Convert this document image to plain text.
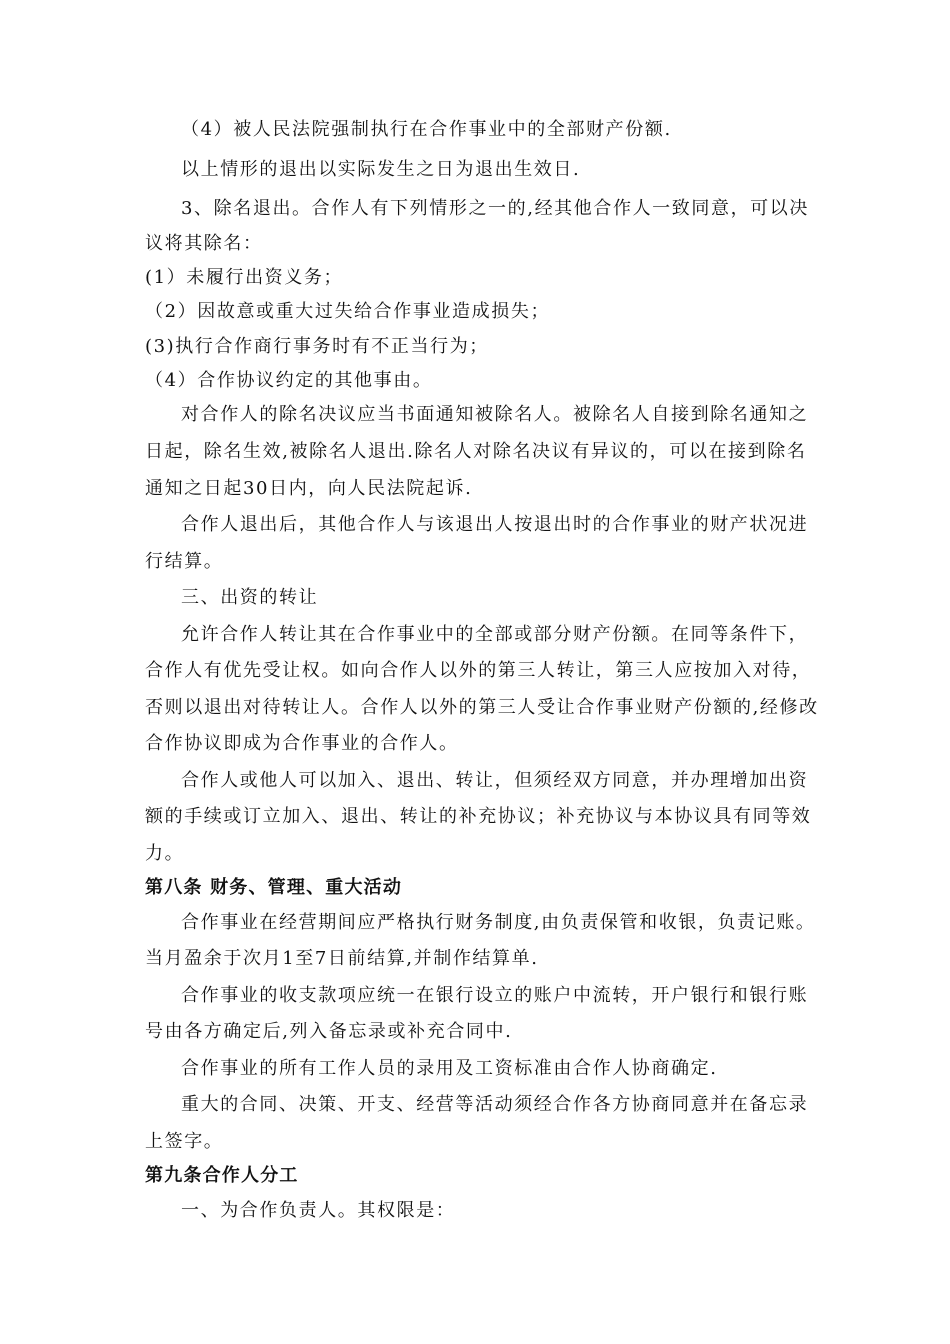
（4）被人民法院强制执行在合作事业中的全部财产份额.
以上情形的退出以实际发生之日为退出生效日.
3、除名退出。合作人有下列情形之一的,经其他合作人一致同意，可以决
议将其除名：
(1）未履行出资义务；
（2）因故意或重大过失给合作事业造成损失；
(3)执行合作商行事务时有不正当行为；
（4）合作协议约定的其他事由。
对合作人的除名决议应当书面通知被除名人。被除名人自接到除名通知之
日起，除名生效,被除名人退出.除名人对除名决议有异议的，可以在接到除名
通知之日起30日内，向人民法院起诉.
合作人退出后，其他合作人与该退出人按退出时的合作事业的财产状况进
行结算。
三、出资的转让
允许合作人转让其在合作事业中的全部或部分财产份额。在同等条件下，
合作人有优先受让权。如向合作人以外的第三人转让，第三人应按加入对待，
否则以退出对待转让人。合作人以外的第三人受让合作事业财产份额的,经修改
合作协议即成为合作事业的合作人。
合作人或他人可以加入、退出、转让，但须经双方同意，并办理增加出资
额的手续或订立加入、退出、转让的补充协议；补充协议与本协议具有同等效
力。
第八条 财务、管理、重大活动
合作事业在经营期间应严格执行财务制度,由负责保管和收银，负责记账。
当月盈余于次月1至7日前结算,并制作结算单.
合作事业的收支款项应统一在银行设立的账户中流转，开户银行和银行账
号由各方确定后,列入备忘录或补充合同中.
合作事业的所有工作人员的录用及工资标准由合作人协商确定.
重大的合同、决策、开支、经营等活动须经合作各方协商同意并在备忘录
上签字。
第九条合作人分工
一、为合作负责人。其权限是：
